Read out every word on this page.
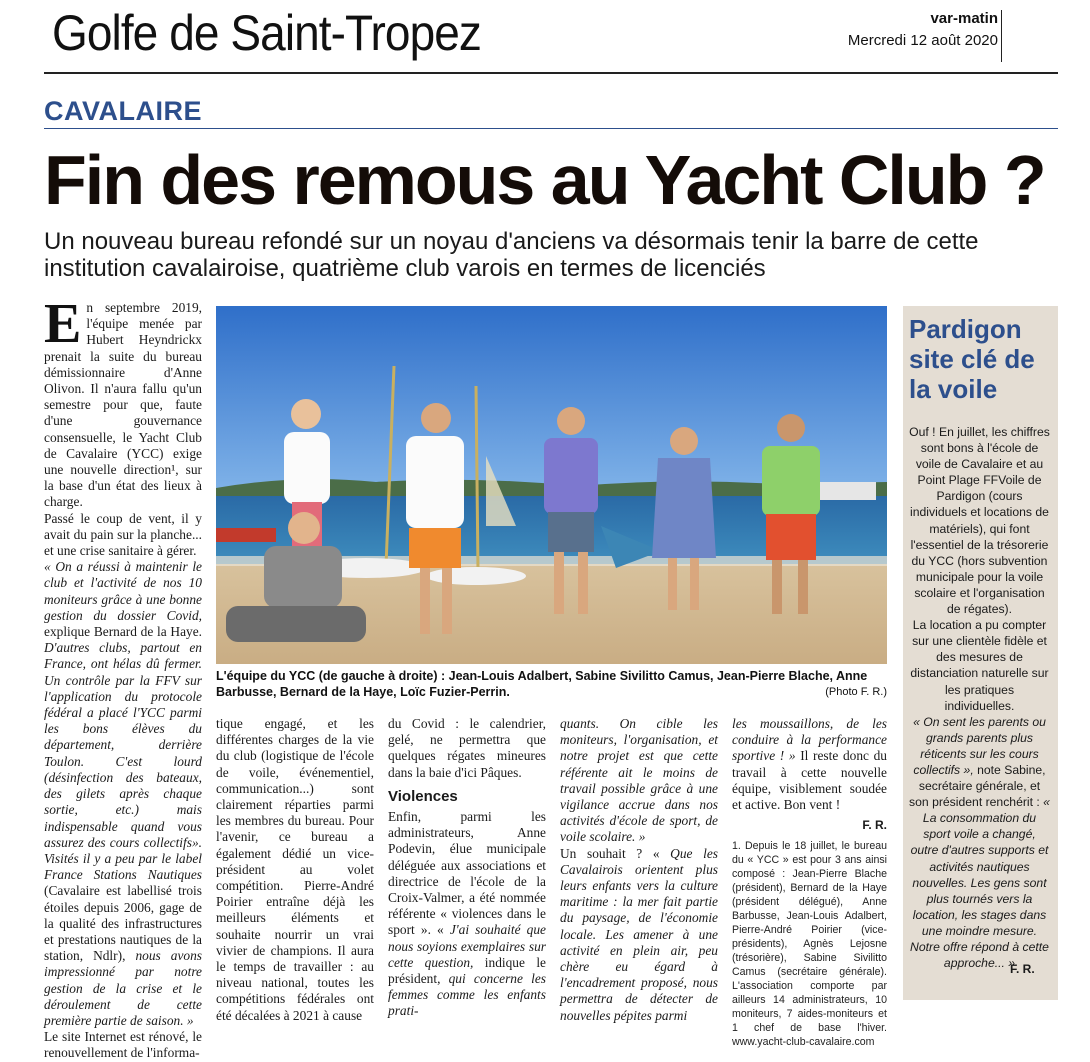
Golfe de Saint-Tropez	var-matin
Mercredi 12 août 2020
CAVALAIRE
Fin des remous au Yacht Club ?
Un nouveau bureau refondé sur un noyau d'anciens va désormais tenir la barre de cette institution cavalairoise, quatrième club varois en termes de licenciés

En septembre 2019, l'équipe menée par Hubert Heyndrickx prenait la suite du bureau démissionnaire d'Anne Olivon. Il n'aura fallu qu'un semestre pour que, faute d'une gouvernance consensuelle, le Yacht Club de Cavalaire (YCC) exige une nouvelle direction¹, sur la base d'un état des lieux à charge.

Passé le coup de vent, il y avait du pain sur la planche... et une crise sanitaire à gérer.

« On a réussi à maintenir le club et l'activité de nos 10 moniteurs grâce à une bonne gestion du dossier Covid, explique Bernard de la Haye. D'autres clubs, partout en France, ont hélas dû fermer. Un contrôle par la FFV sur l'application du protocole fédéral a placé l'YCC parmi les bons élèves du département, derrière Toulon. C'est lourd (désinfection des bateaux, des gilets après chaque sortie, etc.) mais indispensable quand vous assurez des cours collectifs». Visités il y a peu par le label France Stations Nautiques (Cavalaire est labellisé trois étoiles depuis 2006, gage de la qualité des infrastructures et prestations nautiques de la station, Ndlr), nous avons impressionné par notre gestion de la crise et le déroulement de cette première partie de saison. »

Le site Internet est rénové, le renouvellement de l'informa-

L'équipe du YCC (de gauche à droite) : Jean-Louis Adalbert, Sabine Sivilitto Camus, Jean-Pierre Blache, Anne Barbusse, Bernard de la Haye, Loïc Fuzier-Perrin.	(Photo F. R.)

tique engagé, et les différentes charges de la vie du club (logistique de l'école de voile, événementiel, communication...) sont clairement réparties parmi les membres du bureau. Pour l'avenir, ce bureau a également dédié un vice-président au volet compétition. Pierre-André Poirier entraîne déjà les meilleurs éléments et souhaite nourrir un vrai vivier de champions. Il aura le temps de travailler : au niveau national, toutes les compétitions fédérales ont été décalées à 2021 à cause

du Covid : le calendrier, gelé, ne permettra que quelques régates mineures dans la baie d'ici Pâques.

Violences

Enfin, parmi les administrateurs, Anne Podevin, élue municipale déléguée aux associations et directrice de l'école de la Croix-Valmer, a été nommée référente « violences dans le sport ». « J'ai souhaité que nous soyions exemplaires sur cette question, indique le président, qui concerne les femmes comme les enfants prati-

quants. On cible les moniteurs, l'organisation, et notre projet est que cette référente ait le moins de travail possible grâce à une vigilance accrue dans nos activités d'école de sport, de voile scolaire. »

Un souhait ? « Que les Cavalairois orientent plus leurs enfants vers la culture maritime : la mer fait partie du paysage, de l'économie locale. Les amener à une activité en plein air, peu chère eu égard à l'encadrement proposé, nous permettra de détecter de nouvelles pépites parmi

les moussaillons, de les conduire à la performance sportive ! » Il reste donc du travail à cette nouvelle équipe, visiblement soudée et active. Bon vent !

F. R.
1. Depuis le 18 juillet, le bureau du « YCC » est pour 3 ans ainsi composé : Jean-Pierre Blache (président), Bernard de la Haye (président délégué), Anne Barbusse, Jean-Louis Adalbert, Pierre-André Poirier (vice-présidents), Agnès Lejosne (trésorière), Sabine Sivilitto Camus (secrétaire générale). L'association comporte par ailleurs 14 administrateurs, 10 moniteurs, 7 aides-moniteurs et 1 chef de base l'hiver. www.yacht-club-cavalaire.com
Pardigon site clé de la voile

Ouf ! En juillet, les chiffres sont bons à l'école de voile de Cavalaire et au Point Plage FFVoile de Pardigon (cours individuels et locations de matériels), qui font l'essentiel de la trésorerie du YCC (hors subvention municipale pour la voile scolaire et l'organisation de régates).

La location a pu compter sur une clientèle fidèle et des mesures de distanciation naturelle sur les pratiques individuelles.

« On sent les parents ou grands parents plus réticents sur les cours collectifs », note Sabine, secrétaire générale, et son président renchérit : « La consommation du sport voile a changé, outre d'autres supports et activités nautiques nouvelles. Les gens sont plus tournés vers la location, les stages dans une moindre mesure. Notre offre répond à cette approche... »

F. R.
